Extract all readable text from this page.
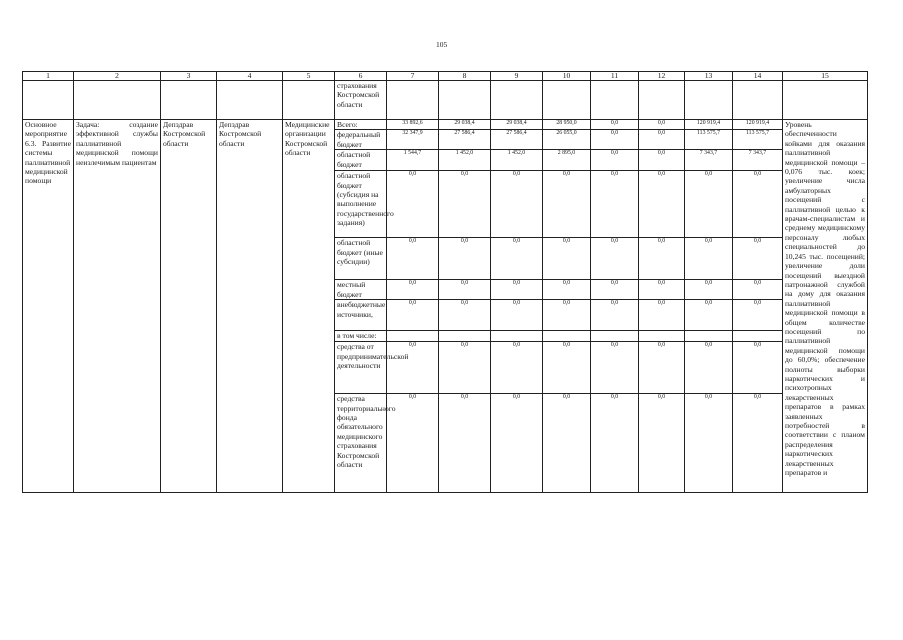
105
1	2	3	4	5	6	7	8	9	10	11	12	13	14	15
					страхования Костромской области									
Основное мероприятие 6.3. Развитие системы паллиативной медицинской помощи	Задача: создание эффективной службы паллиативной медицинской помощи неизлечимым пациентам	Депздрав Костромской области	Депздрав Костромской области	Медицинские организации Костромской области	Всего:	33 892,6	29 038,4	29 038,4	28 950,0	0,0	0,0	120 919,4	120 919,4	Уровень обеспеченности койками для оказания паллиативной медицинской помощи – 0,076 тыс. коек; увеличение числа амбулаторных посещений с паллиативной целью к врачам-специалистам и среднему медицинскому персоналу любых специальностей до 10,245 тыс. посещений; увеличение доли посещений выездной патронажной службой на дому для оказания паллиативной медицинской помощи в общем количестве посещений по паллиативной медицинской помощи до 60,0%; обеспечение полноты выборки наркотических и психотропных лекарственных препаратов в рамках заявленных потребностей в соответствии с планом распределения наркотических лекарственных препаратов и
					федеральный бюджет	32 347,9	27 586,4	27 586,4	26 055,0	0,0	0,0	113 575,7	113 575,7	
					областной бюджет	1 544,7	1 452,0	1 452,0	2 895,0	0,0	0,0	7 343,7	7 343,7	
					областной бюджет (субсидия на выполнение государственного задания)	0,0	0,0	0,0	0,0	0,0	0,0	0,0	0,0	
					областной бюджет (иные субсидии)	0,0	0,0	0,0	0,0	0,0	0,0	0,0	0,0	
					местный бюджет	0,0	0,0	0,0	0,0	0,0	0,0	0,0	0,0	
					внебюджетные источники,	0,0	0,0	0,0	0,0	0,0	0,0	0,0	0,0	
					в том числе:									
					средства от предпринимательской деятельности	0,0	0,0	0,0	0,0	0,0	0,0	0,0	0,0	
					средства территориального фонда обязательного медицинского страхования Костромской области	0,0	0,0	0,0	0,0	0,0	0,0	0,0	0,0	
